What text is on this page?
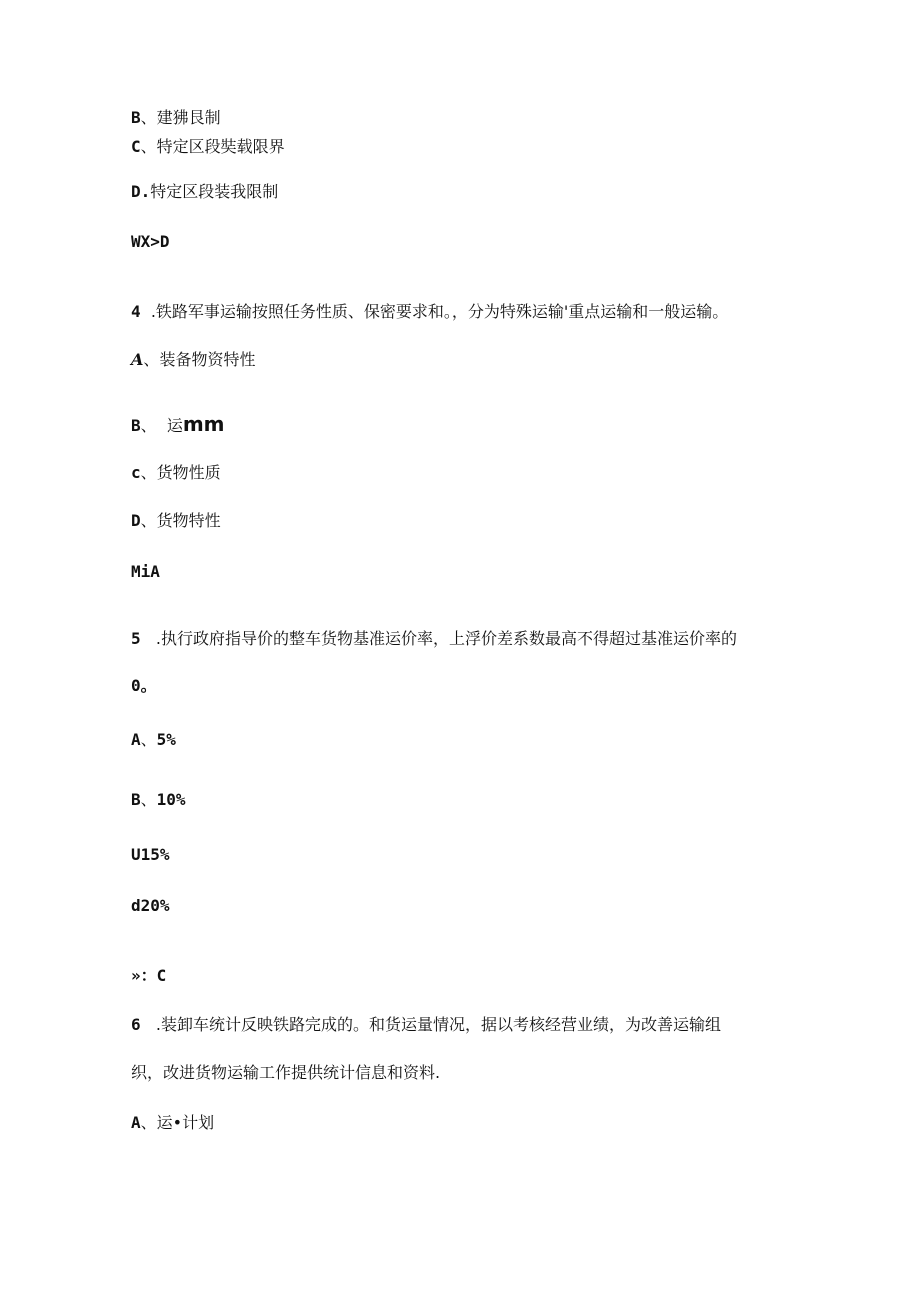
B、建狒艮制
C、特定区段奘载限界
D.特定区段装我限制
WX>D
4 .铁路军事运输按照任务性质、保密要求和。，分为特殊运输'重点运输和一般运输。
A、装备物资特性
B、 运mm
c、货物性质
D、货物特性
MiA
5 .执行政府指导价的整车货物基准运价率，上浮价差系数最高不得超过基准运价率的
0。
A、5%
B、10%
U15%
d20%
»：C
6 .装卸车统计反映铁路完成的。和货运量情况，据以考核经营业绩，为改善运输组
织，改进货物运输工作提供统计信息和资料.
A、运•计划
